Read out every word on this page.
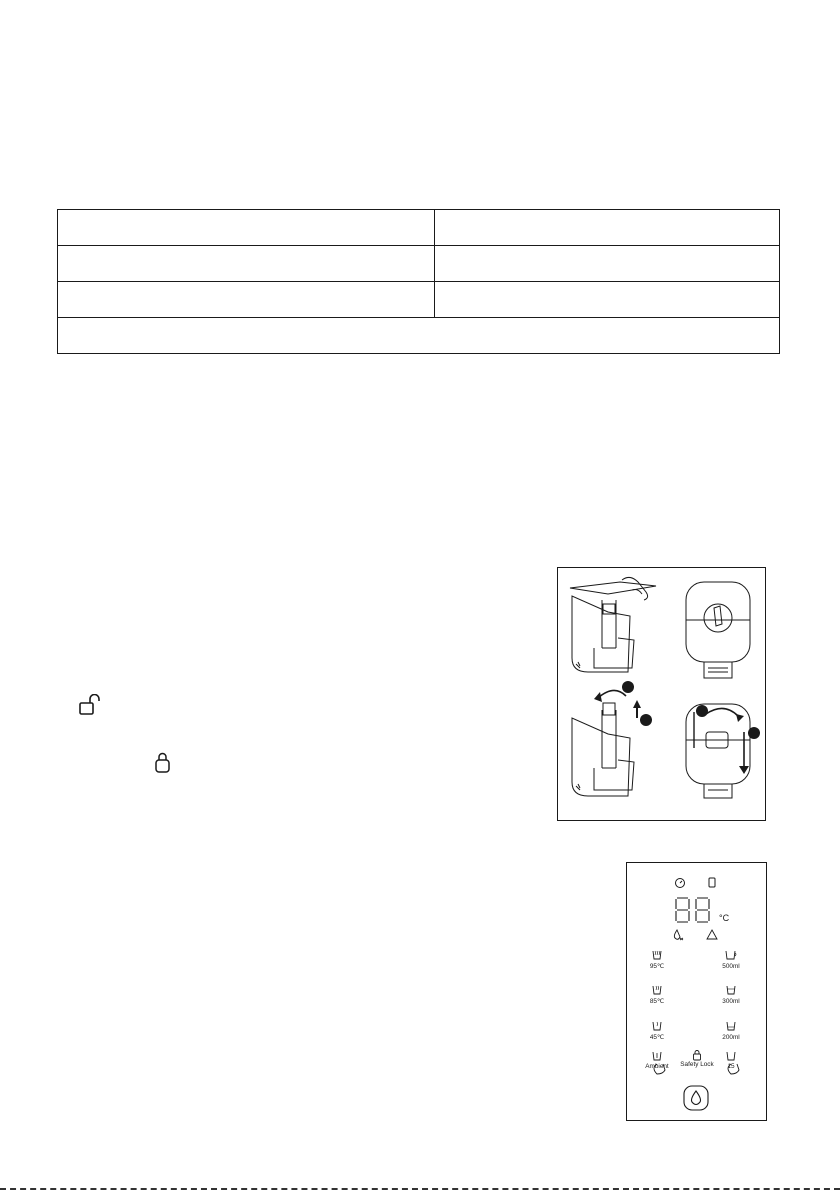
°C
95℃	500ml
85℃	300ml
45℃	200ml
Ambient	Safety Lock	15
